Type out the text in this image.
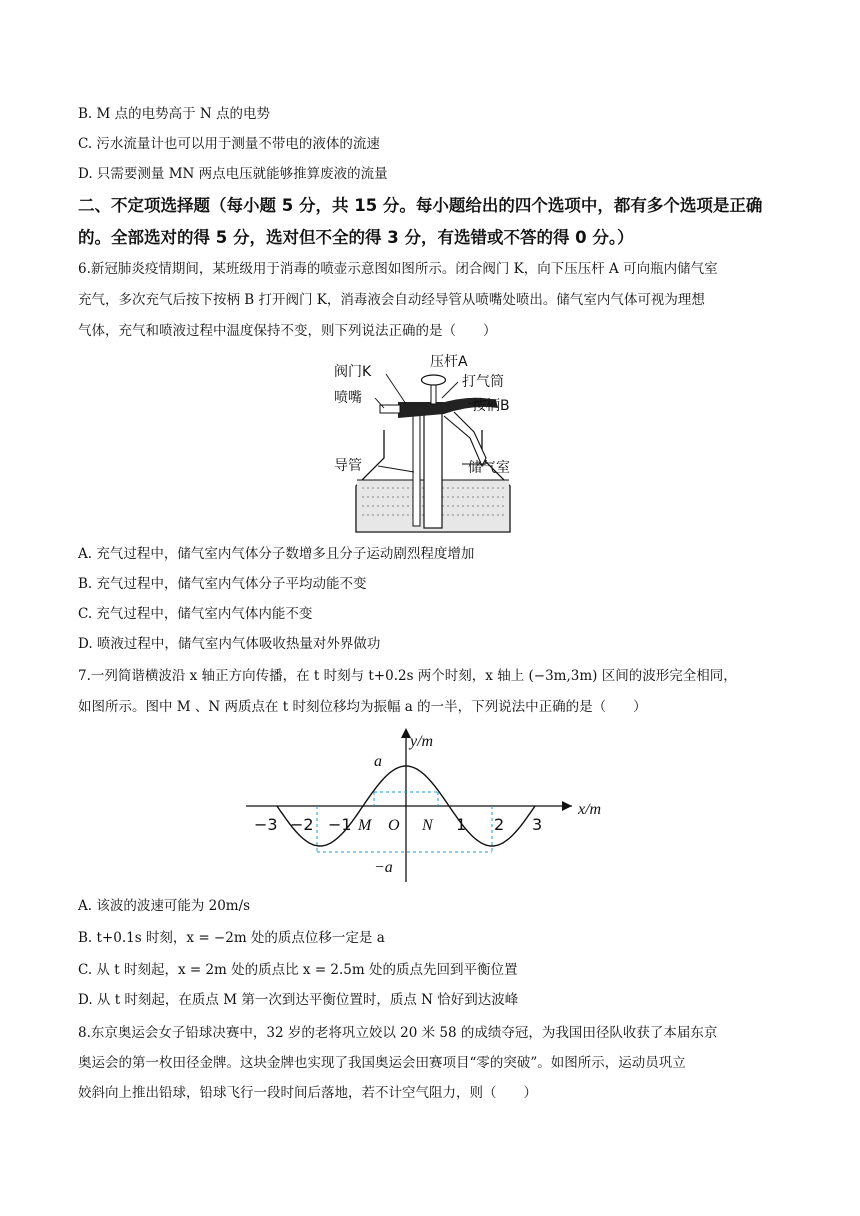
B. M 点的电势高于 N 点的电势
C. 污水流量计也可以用于测量不带电的液体的流速
D. 只需要测量 MN 两点电压就能够推算废液的流量
二、不定项选择题（每小题 5 分，共 15 分。每小题给出的四个选项中，都有多个选项是正确
的。全部选对的得 5 分，选对但不全的得 3 分，有选错或不答的得 0 分。）
6.新冠肺炎疫情期间，某班级用于消毒的喷壶示意图如图所示。闭合阀门 K，向下压压杆 A 可向瓶内储气室
充气，多次充气后按下按柄 B 打开阀门 K，消毒液会自动经导管从喷嘴处喷出。储气室内气体可视为理想
气体，充气和喷液过程中温度保持不变，则下列说法正确的是（　　）
阀门K
喷嘴
压杆A
打气筒
按柄B
导管	储气室
A. 充气过程中，储气室内气体分子数增多且分子运动剧烈程度增加
B. 充气过程中，储气室内气体分子平均动能不变
C. 充气过程中，储气室内气体内能不变
D. 喷液过程中，储气室内气体吸收热量对外界做功
7.一列简谐横波沿 x 轴正方向传播，在 t 时刻与 t+0.2s 两个时刻，x 轴上 (−3m,3m) 区间的波形完全相同，
如图所示。图中 M 、N 两质点在 t 时刻位移均为振幅 a 的一半，下列说法中正确的是（　　）
y/m
x/m
a
−a
O
M	N
−3 −2 −1	1 2 3
A. 该波的波速可能为 20m/s
B. t+0.1s 时刻，x = −2m 处的质点位移一定是 a
C. 从 t 时刻起，x = 2m 处的质点比 x = 2.5m 处的质点先回到平衡位置
D. 从 t 时刻起，在质点 M 第一次到达平衡位置时，质点 N 恰好到达波峰
8.东京奥运会女子铅球决赛中，32 岁的老将巩立姣以 20 米 58 的成绩夺冠，为我国田径队收获了本届东京
奥运会的第一枚田径金牌。这块金牌也实现了我国奥运会田赛项目“零的突破”。如图所示，运动员巩立
姣斜向上推出铅球，铅球飞行一段时间后落地，若不计空气阻力，则（　　）
